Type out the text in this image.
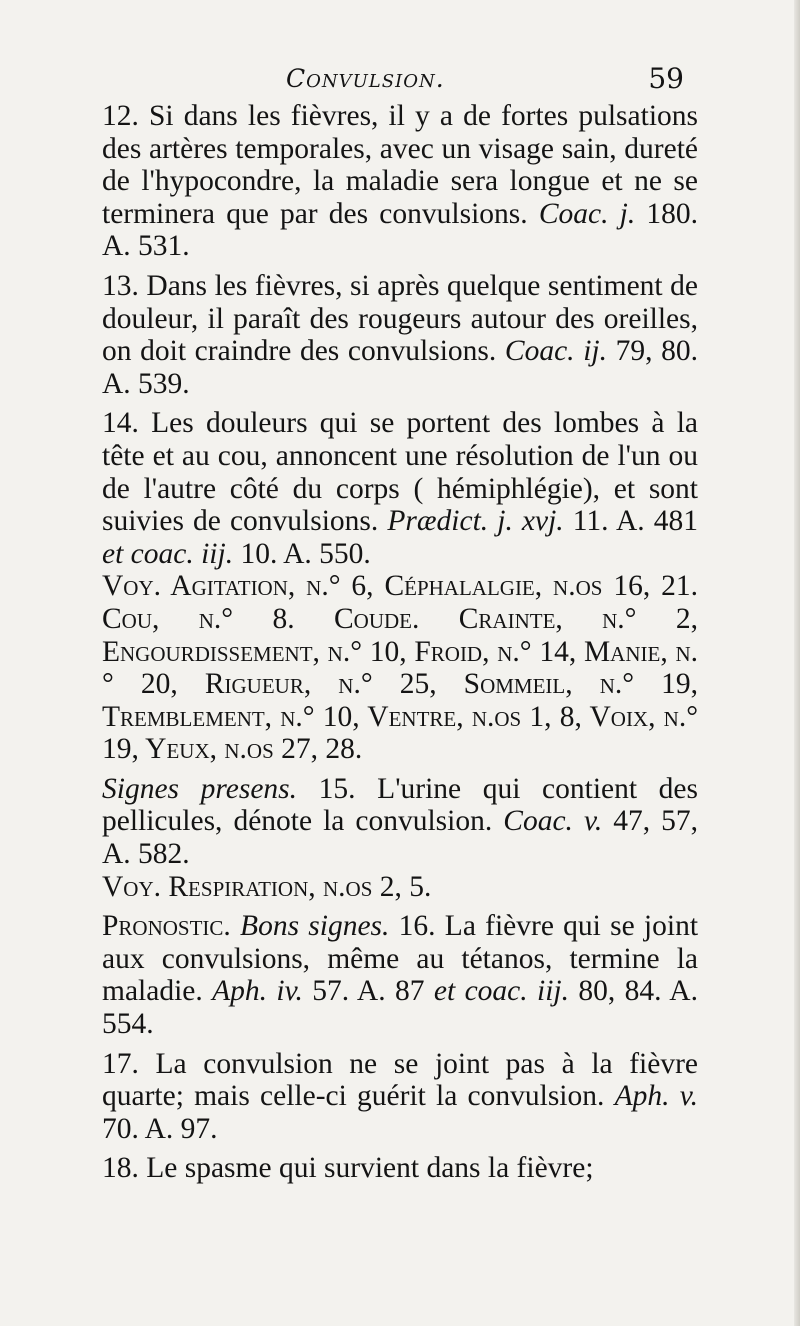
Convulsion.	59

12. Si dans les fièvres, il y a de fortes pulsations des artères temporales, avec un visage sain, dureté de l'hypocondre, la maladie sera longue et ne se terminera que par des convulsions. Coac. j. 180. A. 531.

13. Dans les fièvres, si après quelque sentiment de douleur, il paraît des rougeurs autour des oreilles, on doit craindre des convulsions. Coac. ij. 79, 80. A. 539.

14. Les douleurs qui se portent des lombes à la tête et au cou, annoncent une résolution de l'un ou de l'autre côté du corps ( hémiphlégie), et sont suivies de convulsions. Prædict. j. xvj. 11. A. 481 et coac. iij. 10. A. 550.

Voy. Agitation, n.° 6, Céphalalgie, n.os 16, 21. Cou, n.° 8. Coude. Crainte, n.° 2, Engourdissement, n.° 10, Froid, n.° 14, Manie, n.° 20, Rigueur, n.° 25, Sommeil, n.° 19, Tremblement, n.° 10, Ventre, n.os 1, 8, Voix, n.° 19, Yeux, n.os 27, 28.

Signes presens. 15. L'urine qui contient des pellicules, dénote la convulsion. Coac. v. 47, 57, A. 582.

Voy. Respiration, n.os 2, 5.

Pronostic. Bons signes. 16. La fièvre qui se joint aux convulsions, même au tétanos, termine la maladie. Aph. iv. 57. A. 87 et coac. iij. 80, 84. A. 554.

17. La convulsion ne se joint pas à la fièvre quarte; mais celle-ci guérit la convulsion. Aph. v. 70. A. 97.

18. Le spasme qui survient dans la fièvre;
